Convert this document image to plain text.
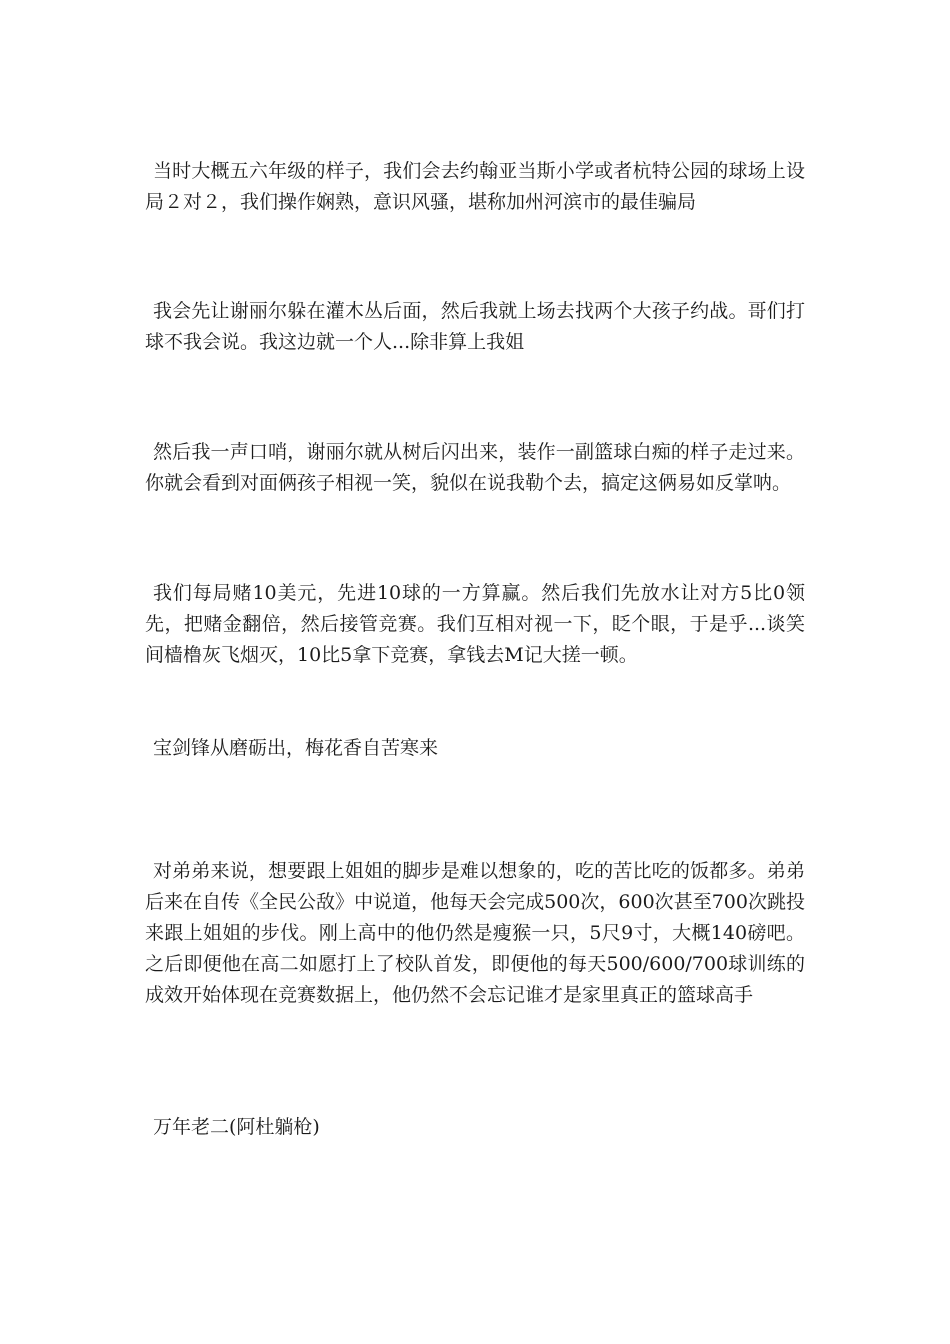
当时大概五六年级的样子，我们会去约翰亚当斯小学或者杭特公园的球场上设局２对２，我们操作娴熟，意识风骚，堪称加州河滨市的最佳骗局

我会先让谢丽尔躲在灌木丛后面，然后我就上场去找两个大孩子约战。哥们打球不我会说。我这边就一个人...除非算上我姐

然后我一声口哨，谢丽尔就从树后闪出来，装作一副篮球白痴的样子走过来。你就会看到对面俩孩子相视一笑，貌似在说我勒个去，搞定这俩易如反掌呐。

我们每局赌10美元，先进10球的一方算赢。然后我们先放水让对方5比0领先，把赌金翻倍，然后接管竞赛。我们互相对视一下，眨个眼，于是乎...谈笑间樯橹灰飞烟灭，10比5拿下竞赛，拿钱去M记大搓一顿。

宝剑锋从磨砺出，梅花香自苦寒来

对弟弟来说，想要跟上姐姐的脚步是难以想象的，吃的苦比吃的饭都多。弟弟后来在自传《全民公敌》中说道，他每天会完成500次，600次甚至700次跳投来跟上姐姐的步伐。刚上高中的他仍然是瘦猴一只，5尺9寸，大概140磅吧。之后即便他在高二如愿打上了校队首发，即便他的每天500/600/700球训练的成效开始体现在竞赛数据上，他仍然不会忘记谁才是家里真正的篮球高手

万年老二(阿杜躺枪)
